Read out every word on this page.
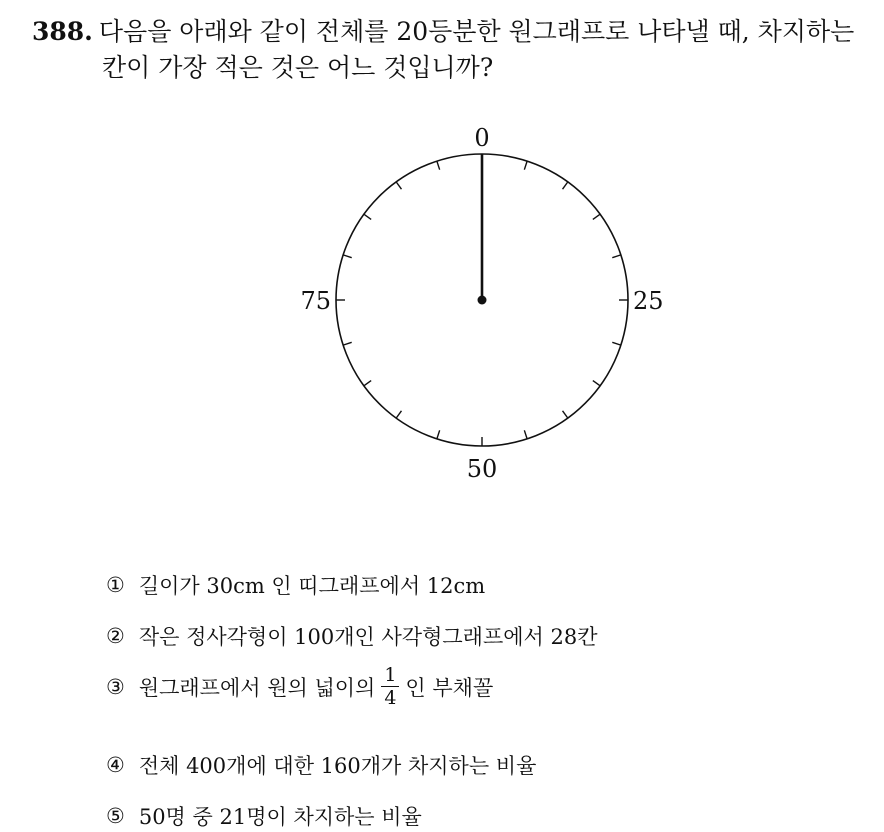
388. 다음을 아래와 같이 전체를 20등분한 원그래프로 나타낼 때, 차지하는
칸이 가장 적은 것은 어느 것입니까?
0
25
50
75
① 길이가 30cm 인 띠그래프에서 12cm
② 작은 정사각형이 100개인 사각형그래프에서 28칸
③ 원그래프에서 원의 넓이의 $\frac{1}{4}$ 인 부채꼴
④ 전체 400개에 대한 160개가 차지하는 비율
⑤ 50명 중 21명이 차지하는 비율
